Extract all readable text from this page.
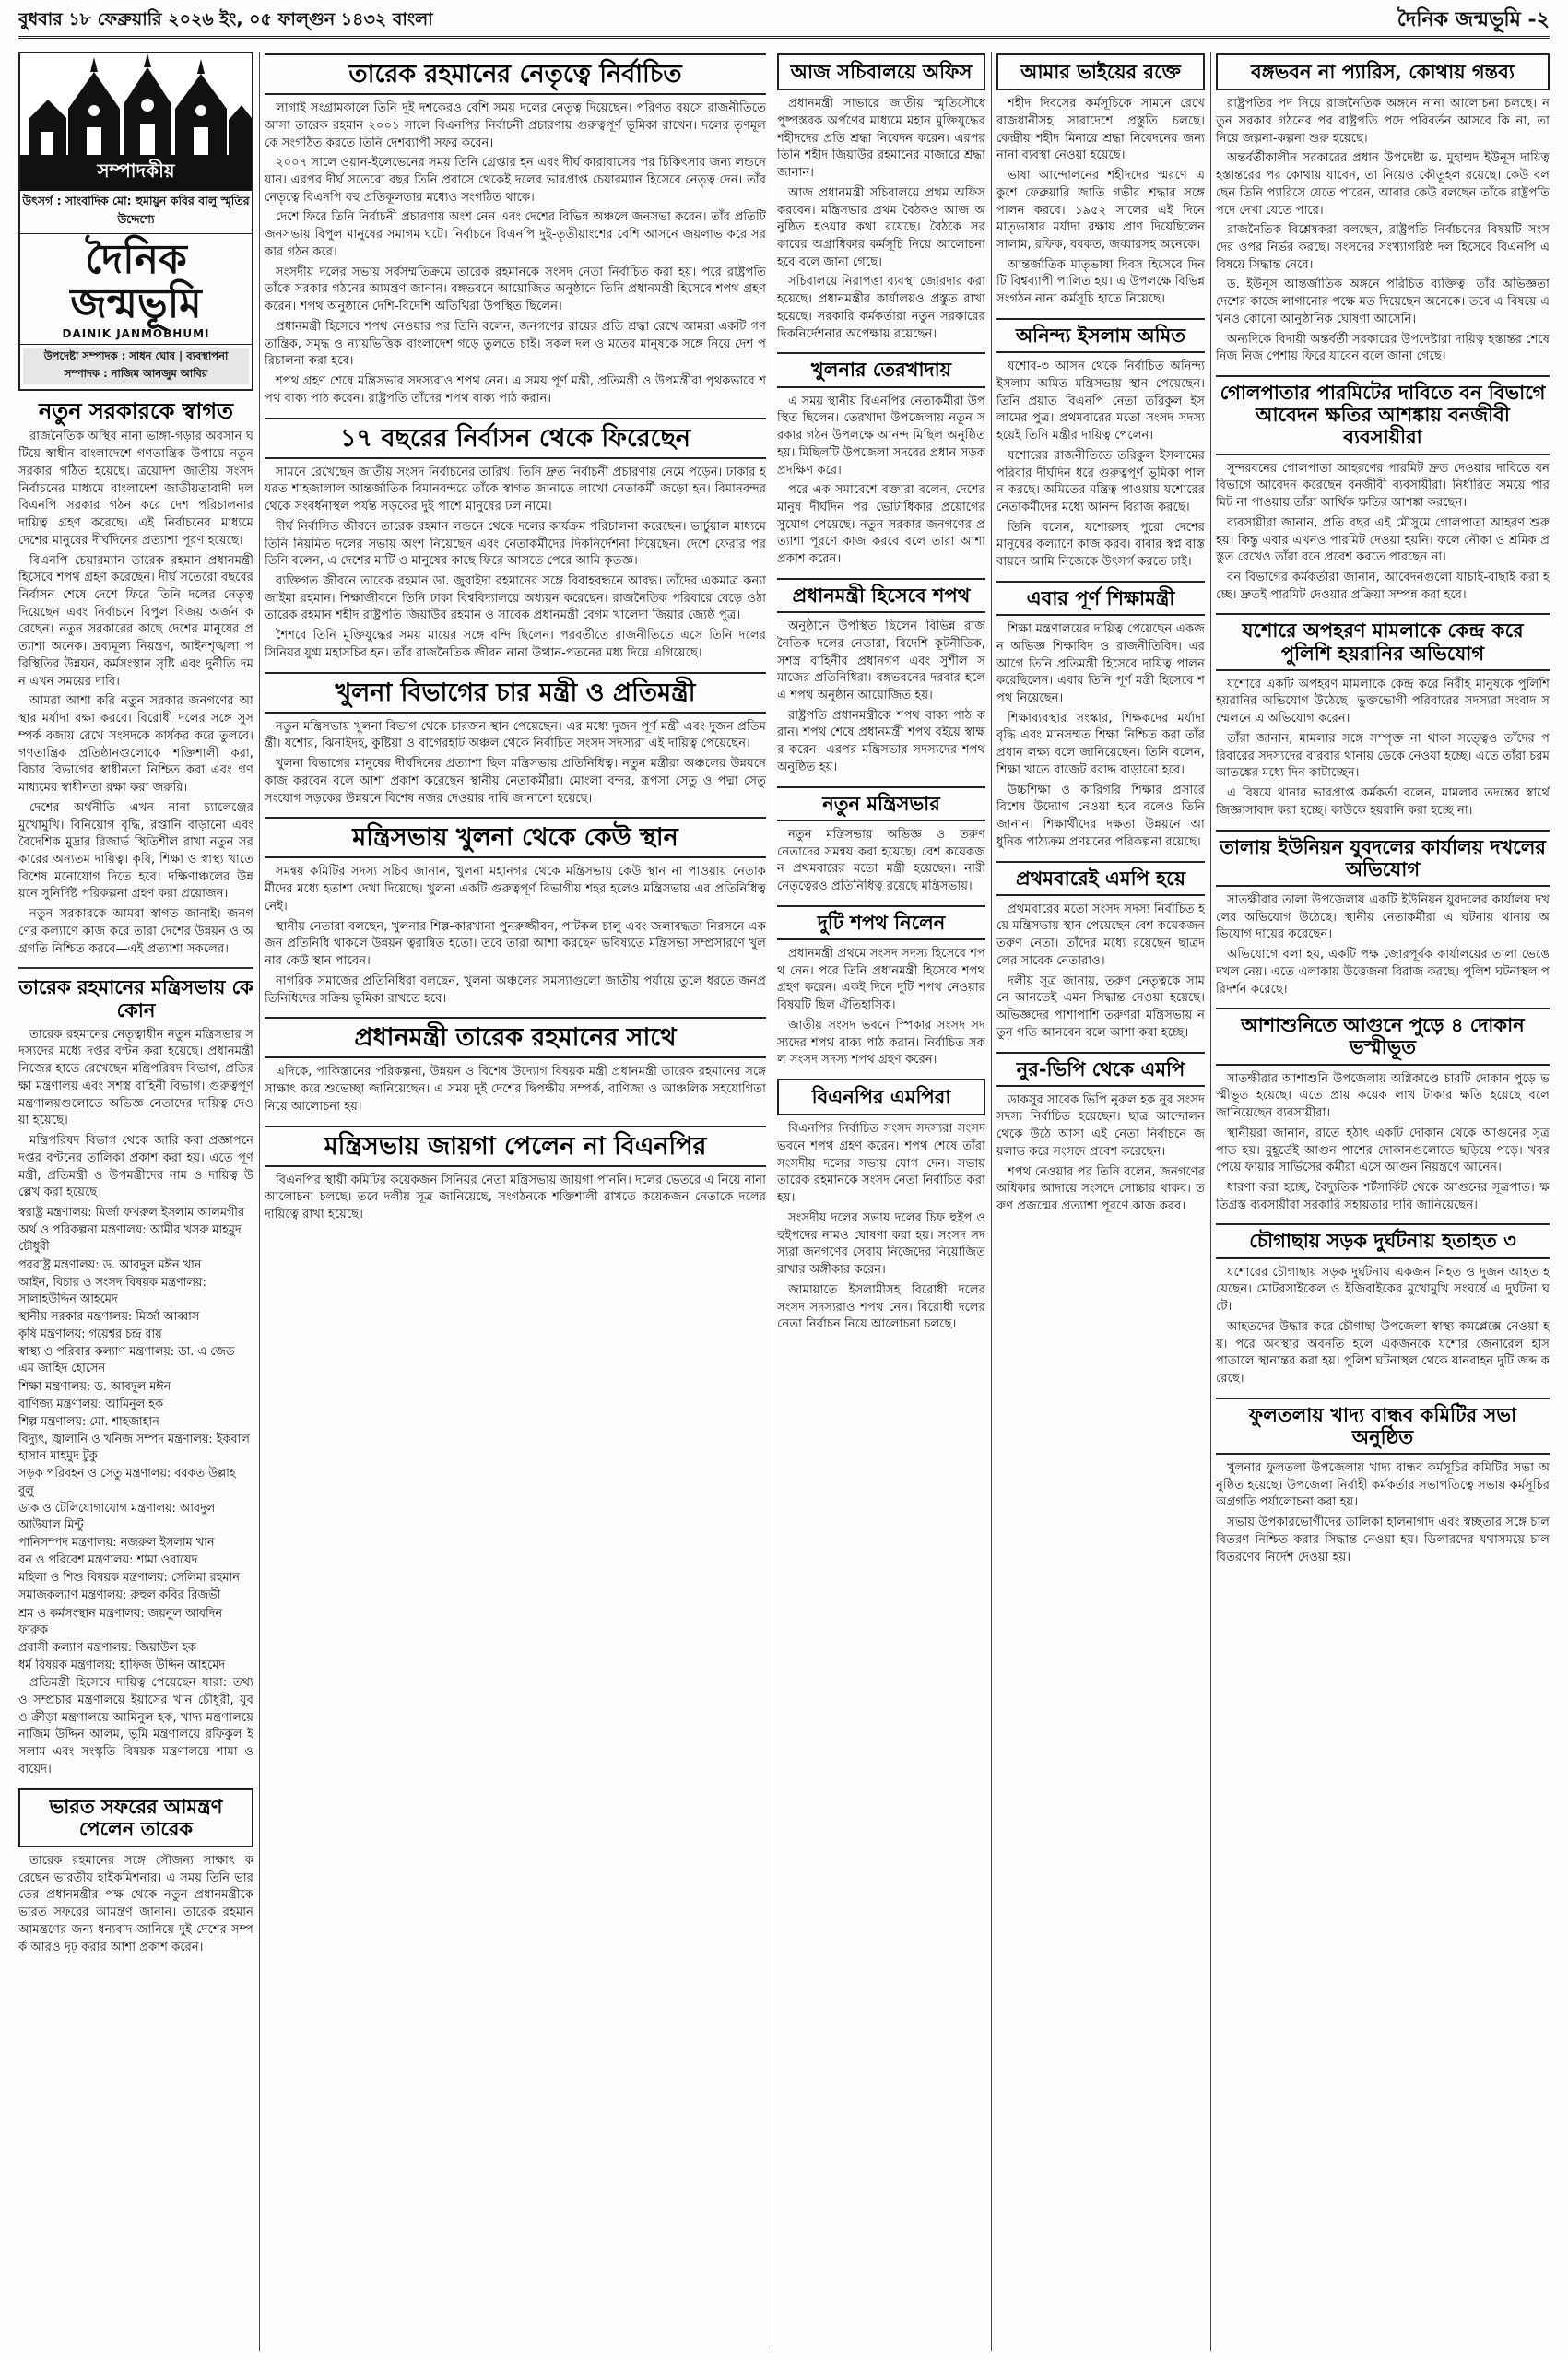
বুধবার ১৮ ফেব্রুয়ারি ২০২৬ ইং, ০৫ ফাল্গুন ১৪৩২ বাংলা	দৈনিক জন্মভূমি -২
সম্পাদকীয়
উৎসর্গ : সাংবাদিক মো: হুমায়ুন কবির বালু স্মৃতির উদ্দেশ্যে
দৈনিক জন্মভূমি
DAINIK JANMOBHUMI
উপদেষ্টা সম্পাদক : সাধন ঘোষ | ব্যবস্থাপনা সম্পাদক : নাজিম আনজুম আবির
নতুন সরকারকে স্বাগত

রাজনৈতিক অস্থির নানা ভাঙ্গা-গড়ার অবসান ঘটিয়ে স্বাধীন বাংলাদেশে গণতান্ত্রিক উপায়ে নতুন সরকার গঠিত হয়েছে। ত্রয়োদশ জাতীয় সংসদ নির্বাচনের মাধ্যমে বাংলাদেশ জাতীয়তাবাদী দল বিএনপি সরকার গঠন করে দেশ পরিচালনার দায়িত্ব গ্রহণ করেছে। এই নির্বাচনের মাধ্যমে দেশের মানুষের দীর্ঘদিনের প্রত্যাশা পূরণ হয়েছে।

বিএনপি চেয়ারম্যান তারেক রহমান প্রধানমন্ত্রী হিসেবে শপথ গ্রহণ করেছেন। দীর্ঘ সতেরো বছরের নির্বাসন শেষে দেশে ফিরে তিনি দলের নেতৃত্ব দিয়েছেন এবং নির্বাচনে বিপুল বিজয় অর্জন করেছেন। নতুন সরকারের কাছে দেশের মানুষের প্রত্যাশা অনেক। দ্রব্যমূল্য নিয়ন্ত্রণ, আইনশৃঙ্খলা পরিস্থিতির উন্নয়ন, কর্মসংস্থান সৃষ্টি এবং দুর্নীতি দমন এখন সময়ের দাবি।

আমরা আশা করি নতুন সরকার জনগণের আস্থার মর্যাদা রক্ষা করবে। বিরোধী দলের সঙ্গে সুসম্পর্ক বজায় রেখে সংসদকে কার্যকর করে তুলবে। গণতান্ত্রিক প্রতিষ্ঠানগুলোকে শক্তিশালী করা, বিচার বিভাগের স্বাধীনতা নিশ্চিত করা এবং গণমাধ্যমের স্বাধীনতা রক্ষা করা জরুরি।

দেশের অর্থনীতি এখন নানা চ্যালেঞ্জের মুখোমুখি। বিনিয়োগ বৃদ্ধি, রপ্তানি বাড়ানো এবং বৈদেশিক মুদ্রার রিজার্ভ স্থিতিশীল রাখা নতুন সরকারের অন্যতম দায়িত্ব। কৃষি, শিক্ষা ও স্বাস্থ্য খাতে বিশেষ মনোযোগ দিতে হবে। দক্ষিণাঞ্চলের উন্নয়নে সুনির্দিষ্ট পরিকল্পনা গ্রহণ করা প্রয়োজন।

নতুন সরকারকে আমরা স্বাগত জানাই। জনগণের কল্যাণে কাজ করে তারা দেশের উন্নয়ন ও অগ্রগতি নিশ্চিত করবে—এই প্রত্যাশা সকলের।

তারেক রহমানের মন্ত্রিসভায় কে কোন

তারেক রহমানের নেতৃত্বাধীন নতুন মন্ত্রিসভার সদস্যদের মধ্যে দপ্তর বণ্টন করা হয়েছে। প্রধানমন্ত্রী নিজের হাতে রেখেছেন মন্ত্রিপরিষদ বিভাগ, প্রতিরক্ষা মন্ত্রণালয় এবং সশস্ত্র বাহিনী বিভাগ। গুরুত্বপূর্ণ মন্ত্রণালয়গুলোতে অভিজ্ঞ নেতাদের দায়িত্ব দেওয়া হয়েছে।

মন্ত্রিপরিষদ বিভাগ থেকে জারি করা প্রজ্ঞাপনে দপ্তর বণ্টনের তালিকা প্রকাশ করা হয়। এতে পূর্ণ মন্ত্রী, প্রতিমন্ত্রী ও উপমন্ত্রীদের নাম ও দায়িত্ব উল্লেখ করা হয়েছে।

স্বরাষ্ট্র মন্ত্রণালয়: মির্জা ফখরুল ইসলাম আলমগীর
অর্থ ও পরিকল্পনা মন্ত্রণালয়: আমীর খসরু মাহমুদ চৌধুরী
পররাষ্ট্র মন্ত্রণালয়: ড. আবদুল মঈন খান
আইন, বিচার ও সংসদ বিষয়ক মন্ত্রণালয়: সালাহউদ্দিন আহমেদ
স্থানীয় সরকার মন্ত্রণালয়: মির্জা আব্বাস
কৃষি মন্ত্রণালয়: গয়েশ্বর চন্দ্র রায়
স্বাস্থ্য ও পরিবার কল্যাণ মন্ত্রণালয়: ডা. এ জেড এম জাহিদ হোসেন
শিক্ষা মন্ত্রণালয়: ড. আবদুল মঈন
বাণিজ্য মন্ত্রণালয়: আমিনুল হক
শিল্প মন্ত্রণালয়: মো. শাহজাহান
বিদ্যুৎ, জ্বালানি ও খনিজ সম্পদ মন্ত্রণালয়: ইকবাল হাসান মাহমুদ টুকু
সড়ক পরিবহন ও সেতু মন্ত্রণালয়: বরকত উল্লাহ বুলু
ডাক ও টেলিযোগাযোগ মন্ত্রণালয়: আবদুল আউয়াল মিন্টু
পানিসম্পদ মন্ত্রণালয়: নজরুল ইসলাম খান
বন ও পরিবেশ মন্ত্রণালয়: শামা ওবায়েদ
মহিলা ও শিশু বিষয়ক মন্ত্রণালয়: সেলিমা রহমান
সমাজকল্যাণ মন্ত্রণালয়: রুহুল কবির রিজভী
শ্রম ও কর্মসংস্থান মন্ত্রণালয়: জয়নুল আবদিন ফারুক
প্রবাসী কল্যাণ মন্ত্রণালয়: জিয়াউল হক
ধর্ম বিষয়ক মন্ত্রণালয়: হাফিজ উদ্দিন আহমেদ

প্রতিমন্ত্রী হিসেবে দায়িত্ব পেয়েছেন যারা: তথ্য ও সম্প্রচার মন্ত্রণালয়ে ইয়াসের খান চৌধুরী, যুব ও ক্রীড়া মন্ত্রণালয়ে আমিনুল হক, খাদ্য মন্ত্রণালয়ে নাজিম উদ্দিন আলম, ভূমি মন্ত্রণালয়ে রফিকুল ইসলাম এবং সংস্কৃতি বিষয়ক মন্ত্রণালয়ে শামা ওবায়েদ।

ভারত সফরের আমন্ত্রণ পেলেন তারেক

তারেক রহমানের সঙ্গে সৌজন্য সাক্ষাৎ করেছেন ভারতীয় হাইকমিশনার। এ সময় তিনি ভারতের প্রধানমন্ত্রীর পক্ষ থেকে নতুন প্রধানমন্ত্রীকে ভারত সফরের আমন্ত্রণ জানান। তারেক রহমান আমন্ত্রণের জন্য ধন্যবাদ জানিয়ে দুই দেশের সম্পর্ক আরও দৃঢ় করার আশা প্রকাশ করেন।

তারেক রহমানের নেতৃত্বে নির্বাচিত

লাগাই সংগ্রামকালে তিনি দুই দশকেরও বেশি সময় দলের নেতৃত্ব দিয়েছেন। পরিণত বয়সে রাজনীতিতে আসা তারেক রহমান ২০০১ সালে বিএনপির নির্বাচনী প্রচারণায় গুরুত্বপূর্ণ ভূমিকা রাখেন। দলের তৃণমূলকে সংগঠিত করতে তিনি দেশব্যাপী সফর করেন।

২০০৭ সালে ওয়ান-ইলেভেনের সময় তিনি গ্রেপ্তার হন এবং দীর্ঘ কারাবাসের পর চিকিৎসার জন্য লন্ডনে যান। এরপর দীর্ঘ সতেরো বছর তিনি প্রবাসে থেকেই দলের ভারপ্রাপ্ত চেয়ারম্যান হিসেবে নেতৃত্ব দেন। তাঁর নেতৃত্বে বিএনপি বহু প্রতিকূলতার মধ্যেও সংগঠিত থাকে।

দেশে ফিরে তিনি নির্বাচনী প্রচারণায় অংশ নেন এবং দেশের বিভিন্ন অঞ্চলে জনসভা করেন। তাঁর প্রতিটি জনসভায় বিপুল মানুষের সমাগম ঘটে। নির্বাচনে বিএনপি দুই-তৃতীয়াংশের বেশি আসনে জয়লাভ করে সরকার গঠন করে।

সংসদীয় দলের সভায় সর্বসম্মতিক্রমে তারেক রহমানকে সংসদ নেতা নির্বাচিত করা হয়। পরে রাষ্ট্রপতি তাঁকে সরকার গঠনের আমন্ত্রণ জানান। বঙ্গভবনে আয়োজিত অনুষ্ঠানে তিনি প্রধানমন্ত্রী হিসেবে শপথ গ্রহণ করেন। শপথ অনুষ্ঠানে দেশি-বিদেশি অতিথিরা উপস্থিত ছিলেন।

প্রধানমন্ত্রী হিসেবে শপথ নেওয়ার পর তিনি বলেন, জনগণের রায়ের প্রতি শ্রদ্ধা রেখে আমরা একটি গণতান্ত্রিক, সমৃদ্ধ ও ন্যায়ভিত্তিক বাংলাদেশ গড়ে তুলতে চাই। সকল দল ও মতের মানুষকে সঙ্গে নিয়ে দেশ পরিচালনা করা হবে।

শপথ গ্রহণ শেষে মন্ত্রিসভার সদস্যরাও শপথ নেন। এ সময় পূর্ণ মন্ত্রী, প্রতিমন্ত্রী ও উপমন্ত্রীরা পৃথকভাবে শপথ বাক্য পাঠ করেন। রাষ্ট্রপতি তাঁদের শপথ বাক্য পাঠ করান।

১৭ বছরের নির্বাসন থেকে ফিরেছেন

সামনে রেখেছেন জাতীয় সংসদ নির্বাচনের তারিখ। তিনি দ্রুত নির্বাচনী প্রচারণায় নেমে পড়েন। ঢাকার হযরত শাহজালাল আন্তর্জাতিক বিমানবন্দরে তাঁকে স্বাগত জানাতে লাখো নেতাকর্মী জড়ো হন। বিমানবন্দর থেকে সংবর্ধনাস্থল পর্যন্ত সড়কের দুই পাশে মানুষের ঢল নামে।

দীর্ঘ নির্বাসিত জীবনে তারেক রহমান লন্ডনে থেকে দলের কার্যক্রম পরিচালনা করেছেন। ভার্চুয়াল মাধ্যমে তিনি নিয়মিত দলের সভায় অংশ নিয়েছেন এবং নেতাকর্মীদের দিকনির্দেশনা দিয়েছেন। দেশে ফেরার পর তিনি বলেন, এ দেশের মাটি ও মানুষের কাছে ফিরে আসতে পেরে আমি কৃতজ্ঞ।

ব্যক্তিগত জীবনে তারেক রহমান ডা. জুবাইদা রহমানের সঙ্গে বিবাহবন্ধনে আবদ্ধ। তাঁদের একমাত্র কন্যা জাইমা রহমান। শিক্ষাজীবনে তিনি ঢাকা বিশ্ববিদ্যালয়ে অধ্যয়ন করেছেন। রাজনৈতিক পরিবারে বেড়ে ওঠা তারেক রহমান শহীদ রাষ্ট্রপতি জিয়াউর রহমান ও সাবেক প্রধানমন্ত্রী বেগম খালেদা জিয়ার জ্যেষ্ঠ পুত্র।

শৈশবে তিনি মুক্তিযুদ্ধের সময় মায়ের সঙ্গে বন্দি ছিলেন। পরবর্তীতে রাজনীতিতে এসে তিনি দলের সিনিয়র যুগ্ম মহাসচিব হন। তাঁর রাজনৈতিক জীবন নানা উত্থান-পতনের মধ্য দিয়ে এগিয়েছে।

খুলনা বিভাগের চার মন্ত্রী ও প্রতিমন্ত্রী

নতুন মন্ত্রিসভায় খুলনা বিভাগ থেকে চারজন স্থান পেয়েছেন। এর মধ্যে দুজন পূর্ণ মন্ত্রী এবং দুজন প্রতিমন্ত্রী। যশোর, ঝিনাইদহ, কুষ্টিয়া ও বাগেরহাট অঞ্চল থেকে নির্বাচিত সংসদ সদস্যরা এই দায়িত্ব পেয়েছেন।

খুলনা বিভাগের মানুষের দীর্ঘদিনের প্রত্যাশা ছিল মন্ত্রিসভায় প্রতিনিধিত্ব। নতুন মন্ত্রীরা অঞ্চলের উন্নয়নে কাজ করবেন বলে আশা প্রকাশ করেছেন স্থানীয় নেতাকর্মীরা। মোংলা বন্দর, রূপসা সেতু ও পদ্মা সেতু সংযোগ সড়কের উন্নয়নে বিশেষ নজর দেওয়ার দাবি জানানো হয়েছে।

মন্ত্রিসভায় খুলনা থেকে কেউ স্থান

সমন্বয় কমিটির সদস্য সচিব জানান, খুলনা মহানগর থেকে মন্ত্রিসভায় কেউ স্থান না পাওয়ায় নেতাকর্মীদের মধ্যে হতাশা দেখা দিয়েছে। খুলনা একটি গুরুত্বপূর্ণ বিভাগীয় শহর হলেও মন্ত্রিসভায় এর প্রতিনিধিত্ব নেই।

স্থানীয় নেতারা বলছেন, খুলনার শিল্প-কারখানা পুনরুজ্জীবন, পাটকল চালু এবং জলাবদ্ধতা নিরসনে একজন প্রতিনিধি থাকলে উন্নয়ন ত্বরান্বিত হতো। তবে তারা আশা করছেন ভবিষ্যতে মন্ত্রিসভা সম্প্রসারণে খুলনার কেউ স্থান পাবেন।

নাগরিক সমাজের প্রতিনিধিরা বলছেন, খুলনা অঞ্চলের সমস্যাগুলো জাতীয় পর্যায়ে তুলে ধরতে জনপ্রতিনিধিদের সক্রিয় ভূমিকা রাখতে হবে।

প্রধানমন্ত্রী তারেক রহমানের সাথে

এদিকে, পাকিস্তানের পরিকল্পনা, উন্নয়ন ও বিশেষ উদ্যোগ বিষয়ক মন্ত্রী প্রধানমন্ত্রী তারেক রহমানের সঙ্গে সাক্ষাৎ করে শুভেচ্ছা জানিয়েছেন। এ সময় দুই দেশের দ্বিপক্ষীয় সম্পর্ক, বাণিজ্য ও আঞ্চলিক সহযোগিতা নিয়ে আলোচনা হয়।

মন্ত্রিসভায় জায়গা পেলেন না বিএনপির

বিএনপির স্থায়ী কমিটির কয়েকজন সিনিয়র নেতা মন্ত্রিসভায় জায়গা পাননি। দলের ভেতরে এ নিয়ে নানা আলোচনা চলছে। তবে দলীয় সূত্র জানিয়েছে, সংগঠনকে শক্তিশালী রাখতে কয়েকজন নেতাকে দলের দায়িত্বে রাখা হয়েছে।

আজ সচিবালয়ে অফিস

প্রধানমন্ত্রী সাভারে জাতীয় স্মৃতিসৌধে পুষ্পস্তবক অর্পণের মাধ্যমে মহান মুক্তিযুদ্ধের শহীদদের প্রতি শ্রদ্ধা নিবেদন করেন। এরপর তিনি শহীদ জিয়াউর রহমানের মাজারে শ্রদ্ধা জানান।

আজ প্রধানমন্ত্রী সচিবালয়ে প্রথম অফিস করবেন। মন্ত্রিসভার প্রথম বৈঠকও আজ অনুষ্ঠিত হওয়ার কথা রয়েছে। বৈঠকে সরকারের অগ্রাধিকার কর্মসূচি নিয়ে আলোচনা হবে বলে জানা গেছে।

সচিবালয়ে নিরাপত্তা ব্যবস্থা জোরদার করা হয়েছে। প্রধানমন্ত্রীর কার্যালয়ও প্রস্তুত রাখা হয়েছে। সরকারি কর্মকর্তারা নতুন সরকারের দিকনির্দেশনার অপেক্ষায় রয়েছেন।

খুলনার তেরখাদায়

এ সময় স্থানীয় বিএনপির নেতাকর্মীরা উপস্থিত ছিলেন। তেরখাদা উপজেলায় নতুন সরকার গঠন উপলক্ষে আনন্দ মিছিল অনুষ্ঠিত হয়। মিছিলটি উপজেলা সদরের প্রধান সড়ক প্রদক্ষিণ করে।

পরে এক সমাবেশে বক্তারা বলেন, দেশের মানুষ দীর্ঘদিন পর ভোটাধিকার প্রয়োগের সুযোগ পেয়েছে। নতুন সরকার জনগণের প্রত্যাশা পূরণে কাজ করবে বলে তারা আশা প্রকাশ করেন।

প্রধানমন্ত্রী হিসেবে শপথ

অনুষ্ঠানে উপস্থিত ছিলেন বিভিন্ন রাজনৈতিক দলের নেতারা, বিদেশি কূটনীতিক, সশস্ত্র বাহিনীর প্রধানগণ এবং সুশীল সমাজের প্রতিনিধিরা। বঙ্গভবনের দরবার হলে এ শপথ অনুষ্ঠান আয়োজিত হয়।

রাষ্ট্রপতি প্রধানমন্ত্রীকে শপথ বাক্য পাঠ করান। শপথ শেষে প্রধানমন্ত্রী শপথ বইয়ে স্বাক্ষর করেন। এরপর মন্ত্রিসভার সদস্যদের শপথ অনুষ্ঠিত হয়।

নতুন মন্ত্রিসভার

নতুন মন্ত্রিসভায় অভিজ্ঞ ও তরুণ নেতাদের সমন্বয় করা হয়েছে। বেশ কয়েকজন প্রথমবারের মতো মন্ত্রী হয়েছেন। নারী নেতৃত্বেরও প্রতিনিধিত্ব রয়েছে মন্ত্রিসভায়।

দুটি শপথ নিলেন

প্রধানমন্ত্রী প্রথমে সংসদ সদস্য হিসেবে শপথ নেন। পরে তিনি প্রধানমন্ত্রী হিসেবে শপথ গ্রহণ করেন। একই দিনে দুটি শপথ নেওয়ার বিষয়টি ছিল ঐতিহাসিক।

জাতীয় সংসদ ভবনে স্পিকার সংসদ সদস্যদের শপথ বাক্য পাঠ করান। নির্বাচিত সকল সংসদ সদস্য শপথ গ্রহণ করেন।

বিএনপির এমপিরা

বিএনপির নির্বাচিত সংসদ সদস্যরা সংসদ ভবনে শপথ গ্রহণ করেন। শপথ শেষে তাঁরা সংসদীয় দলের সভায় যোগ দেন। সভায় তারেক রহমানকে সংসদ নেতা নির্বাচিত করা হয়।

সংসদীয় দলের সভায় দলের চিফ হুইপ ও হুইপদের নামও ঘোষণা করা হয়। সংসদ সদস্যরা জনগণের সেবায় নিজেদের নিয়োজিত রাখার অঙ্গীকার করেন।

জামায়াতে ইসলামীসহ বিরোধী দলের সংসদ সদস্যরাও শপথ নেন। বিরোধী দলের নেতা নির্বাচন নিয়ে আলোচনা চলছে।

আমার ভাইয়ের রক্তে

শহীদ দিবসের কর্মসূচিকে সামনে রেখে রাজধানীসহ সারাদেশে প্রস্তুতি চলছে। কেন্দ্রীয় শহীদ মিনারে শ্রদ্ধা নিবেদনের জন্য নানা ব্যবস্থা নেওয়া হয়েছে।

ভাষা আন্দোলনের শহীদদের স্মরণে একুশে ফেব্রুয়ারি জাতি গভীর শ্রদ্ধার সঙ্গে পালন করবে। ১৯৫২ সালের এই দিনে মাতৃভাষার মর্যাদা রক্ষায় প্রাণ দিয়েছিলেন সালাম, রফিক, বরকত, জব্বারসহ অনেকে।

আন্তর্জাতিক মাতৃভাষা দিবস হিসেবে দিনটি বিশ্বব্যাপী পালিত হয়। এ উপলক্ষে বিভিন্ন সংগঠন নানা কর্মসূচি হাতে নিয়েছে।

অনিন্দ্য ইসলাম অমিত

যশোর-৩ আসন থেকে নির্বাচিত অনিন্দ্য ইসলাম অমিত মন্ত্রিসভায় স্থান পেয়েছেন। তিনি প্রয়াত বিএনপি নেতা তরিকুল ইসলামের পুত্র। প্রথমবারের মতো সংসদ সদস্য হয়েই তিনি মন্ত্রীর দায়িত্ব পেলেন।

যশোরের রাজনীতিতে তরিকুল ইসলামের পরিবার দীর্ঘদিন ধরে গুরুত্বপূর্ণ ভূমিকা পালন করছে। অমিতের মন্ত্রিত্ব পাওয়ায় যশোরের নেতাকর্মীদের মধ্যে আনন্দ বিরাজ করছে।

তিনি বলেন, যশোরসহ পুরো দেশের মানুষের কল্যাণে কাজ করব। বাবার স্বপ্ন বাস্তবায়নে আমি নিজেকে উৎসর্গ করতে চাই।

এবার পূর্ণ শিক্ষামন্ত্রী

শিক্ষা মন্ত্রণালয়ের দায়িত্ব পেয়েছেন একজন অভিজ্ঞ শিক্ষাবিদ ও রাজনীতিবিদ। এর আগে তিনি প্রতিমন্ত্রী হিসেবে দায়িত্ব পালন করেছিলেন। এবার তিনি পূর্ণ মন্ত্রী হিসেবে শপথ নিয়েছেন।

শিক্ষাব্যবস্থার সংস্কার, শিক্ষকদের মর্যাদা বৃদ্ধি এবং মানসম্মত শিক্ষা নিশ্চিত করা তাঁর প্রধান লক্ষ্য বলে জানিয়েছেন। তিনি বলেন, শিক্ষা খাতে বাজেট বরাদ্দ বাড়ানো হবে।

উচ্চশিক্ষা ও কারিগরি শিক্ষার প্রসারে বিশেষ উদ্যোগ নেওয়া হবে বলেও তিনি জানান। শিক্ষার্থীদের দক্ষতা উন্নয়নে আধুনিক পাঠ্যক্রম প্রণয়নের পরিকল্পনা রয়েছে।

প্রথমবারেই এমপি হয়ে

প্রথমবারের মতো সংসদ সদস্য নির্বাচিত হয়ে মন্ত্রিসভায় স্থান পেয়েছেন বেশ কয়েকজন তরুণ নেতা। তাঁদের মধ্যে রয়েছেন ছাত্রদলের সাবেক নেতারাও।

দলীয় সূত্র জানায়, তরুণ নেতৃত্বকে সামনে আনতেই এমন সিদ্ধান্ত নেওয়া হয়েছে। অভিজ্ঞদের পাশাপাশি তরুণরা মন্ত্রিসভায় নতুন গতি আনবেন বলে আশা করা হচ্ছে।

নুর-ভিপি থেকে এমপি

ডাকসুর সাবেক ভিপি নুরুল হক নুর সংসদ সদস্য নির্বাচিত হয়েছেন। ছাত্র আন্দোলন থেকে উঠে আসা এই নেতা নির্বাচনে জয়লাভ করে সংসদে প্রবেশ করেছেন।

শপথ নেওয়ার পর তিনি বলেন, জনগণের অধিকার আদায়ে সংসদে সোচ্চার থাকব। তরুণ প্রজন্মের প্রত্যাশা পূরণে কাজ করব।

বঙ্গভবন না প্যারিস, কোথায় গন্তব্য

রাষ্ট্রপতির পদ নিয়ে রাজনৈতিক অঙ্গনে নানা আলোচনা চলছে। নতুন সরকার গঠনের পর রাষ্ট্রপতি পদে পরিবর্তন আসবে কি না, তা নিয়ে জল্পনা-কল্পনা শুরু হয়েছে।

অন্তর্বর্তীকালীন সরকারের প্রধান উপদেষ্টা ড. মুহাম্মদ ইউনূস দায়িত্ব হস্তান্তরের পর কোথায় যাবেন, তা নিয়েও কৌতূহল রয়েছে। কেউ বলছেন তিনি প্যারিসে যেতে পারেন, আবার কেউ বলছেন তাঁকে রাষ্ট্রপতি পদে দেখা যেতে পারে।

রাজনৈতিক বিশ্লেষকরা বলছেন, রাষ্ট্রপতি নির্বাচনের বিষয়টি সংসদের ওপর নির্ভর করছে। সংসদের সংখ্যাগরিষ্ঠ দল হিসেবে বিএনপি এ বিষয়ে সিদ্ধান্ত নেবে।

ড. ইউনূস আন্তর্জাতিক অঙ্গনে পরিচিত ব্যক্তিত্ব। তাঁর অভিজ্ঞতা দেশের কাজে লাগানোর পক্ষে মত দিয়েছেন অনেকে। তবে এ বিষয়ে এখনও কোনো আনুষ্ঠানিক ঘোষণা আসেনি।

অন্যদিকে বিদায়ী অন্তর্বর্তী সরকারের উপদেষ্টারা দায়িত্ব হস্তান্তর শেষে নিজ নিজ পেশায় ফিরে যাবেন বলে জানা গেছে।

গোলপাতার পারমিটের দাবিতে বন বিভাগে আবেদন ক্ষতির আশঙ্কায় বনজীবী ব্যবসায়ীরা

সুন্দরবনের গোলপাতা আহরণের পারমিট দ্রুত দেওয়ার দাবিতে বন বিভাগে আবেদন করেছেন বনজীবী ব্যবসায়ীরা। নির্ধারিত সময়ে পারমিট না পাওয়ায় তাঁরা আর্থিক ক্ষতির আশঙ্কা করছেন।

ব্যবসায়ীরা জানান, প্রতি বছর এই মৌসুমে গোলপাতা আহরণ শুরু হয়। কিন্তু এবার এখনও পারমিট দেওয়া হয়নি। ফলে নৌকা ও শ্রমিক প্রস্তুত রেখেও তাঁরা বনে প্রবেশ করতে পারছেন না।

বন বিভাগের কর্মকর্তারা জানান, আবেদনগুলো যাচাই-বাছাই করা হচ্ছে। দ্রুতই পারমিট দেওয়ার প্রক্রিয়া সম্পন্ন করা হবে।

যশোরে অপহরণ মামলাকে কেন্দ্র করে পুলিশি হয়রানির অভিযোগ

যশোরে একটি অপহরণ মামলাকে কেন্দ্র করে নিরীহ মানুষকে পুলিশি হয়রানির অভিযোগ উঠেছে। ভুক্তভোগী পরিবারের সদস্যরা সংবাদ সম্মেলনে এ অভিযোগ করেন।

তাঁরা জানান, মামলার সঙ্গে সম্পৃক্ত না থাকা সত্ত্বেও তাঁদের পরিবারের সদস্যদের বারবার থানায় ডেকে নেওয়া হচ্ছে। এতে তাঁরা চরম আতঙ্কের মধ্যে দিন কাটাচ্ছেন।

এ বিষয়ে থানার ভারপ্রাপ্ত কর্মকর্তা বলেন, মামলার তদন্তের স্বার্থে জিজ্ঞাসাবাদ করা হচ্ছে। কাউকে হয়রানি করা হচ্ছে না।

তালায় ইউনিয়ন যুবদলের কার্যালয় দখলের অভিযোগ

সাতক্ষীরার তালা উপজেলায় একটি ইউনিয়ন যুবদলের কার্যালয় দখলের অভিযোগ উঠেছে। স্থানীয় নেতাকর্মীরা এ ঘটনায় থানায় অভিযোগ দায়ের করেছেন।

অভিযোগে বলা হয়, একটি পক্ষ জোরপূর্বক কার্যালয়ের তালা ভেঙে দখল নেয়। এতে এলাকায় উত্তেজনা বিরাজ করছে। পুলিশ ঘটনাস্থল পরিদর্শন করেছে।

আশাশুনিতে আগুনে পুড়ে ৪ দোকান ভস্মীভূত

সাতক্ষীরার আশাশুনি উপজেলায় অগ্নিকাণ্ডে চারটি দোকান পুড়ে ভস্মীভূত হয়েছে। এতে প্রায় কয়েক লাখ টাকার ক্ষতি হয়েছে বলে জানিয়েছেন ব্যবসায়ীরা।

স্থানীয়রা জানান, রাতে হঠাৎ একটি দোকান থেকে আগুনের সূত্রপাত হয়। মুহূর্তেই আগুন পাশের দোকানগুলোতে ছড়িয়ে পড়ে। খবর পেয়ে ফায়ার সার্ভিসের কর্মীরা এসে আগুন নিয়ন্ত্রণে আনেন।

ধারণা করা হচ্ছে, বৈদ্যুতিক শর্টসার্কিট থেকে আগুনের সূত্রপাত। ক্ষতিগ্রস্ত ব্যবসায়ীরা সরকারি সহায়তার দাবি জানিয়েছেন।

চৌগাছায় সড়ক দুর্ঘটনায় হতাহত ৩

যশোরের চৌগাছায় সড়ক দুর্ঘটনায় একজন নিহত ও দুজন আহত হয়েছেন। মোটরসাইকেল ও ইজিবাইকের মুখোমুখি সংঘর্ষে এ দুর্ঘটনা ঘটে।

আহতদের উদ্ধার করে চৌগাছা উপজেলা স্বাস্থ্য কমপ্লেক্সে নেওয়া হয়। পরে অবস্থার অবনতি হলে একজনকে যশোর জেনারেল হাসপাতালে স্থানান্তর করা হয়। পুলিশ ঘটনাস্থল থেকে যানবাহন দুটি জব্দ করেছে।

ফুলতলায় খাদ্য বান্ধব কমিটির সভা অনুষ্ঠিত

খুলনার ফুলতলা উপজেলায় খাদ্য বান্ধব কর্মসূচির কমিটির সভা অনুষ্ঠিত হয়েছে। উপজেলা নির্বাহী কর্মকর্তার সভাপতিত্বে সভায় কর্মসূচির অগ্রগতি পর্যালোচনা করা হয়।

সভায় উপকারভোগীদের তালিকা হালনাগাদ এবং স্বচ্ছতার সঙ্গে চাল বিতরণ নিশ্চিত করার সিদ্ধান্ত নেওয়া হয়। ডিলারদের যথাসময়ে চাল বিতরণের নির্দেশ দেওয়া হয়।
